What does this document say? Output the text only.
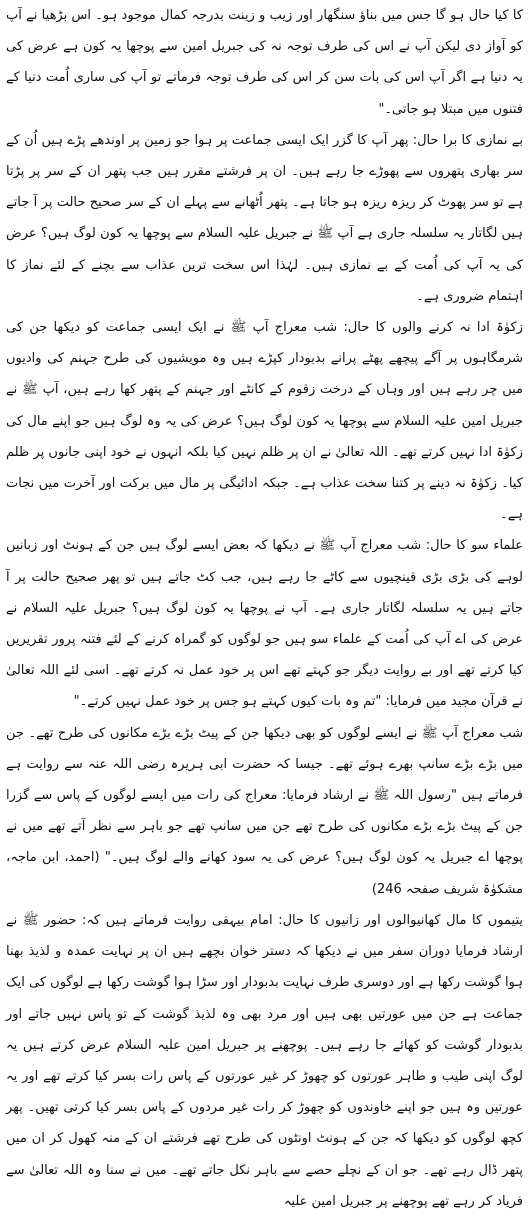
کا کیا حال ہو گا جس میں بناؤ سنگھار اور زیب و زینت بدرجہ کمال موجود ہو۔ اس بڑھیا نے آپ کو آواز دی لیکن آپ نے اس کی طرف توجہ نہ کی جبریل امین سے پوچھا یہ کون ہے عرض کی یہ دنیا ہے اگر آپ اس کی بات سن کر اس کی طرف توجہ فرماتے تو آپ کی ساری اُمت دنیا کے فتنوں میں مبتلا ہو جاتی۔"

بے نمازی کا برا حال: پھر آپ کا گزر ایک ایسی جماعت پر ہوا جو زمین پر اوندھے پڑے ہیں اُن کے سر بھاری پتھروں سے پھوڑے جا رہے ہیں۔ ان پر فرشتے مقرر ہیں جب پتھر ان کے سر پر پڑتا ہے تو سر پھوٹ کر ریزہ ریزہ ہو جاتا ہے۔ پتھر اُٹھانے سے پہلے ان کے سر صحیح حالت پر آ جاتے ہیں لگاتار یہ سلسلہ جاری ہے آپ ﷺ نے جبریل علیہ السلام سے پوچھا یہ کون لوگ ہیں؟ عرض کی یہ آپ کی اُمت کے بے نمازی ہیں۔ لہٰذا اس سخت ترین عذاب سے بچنے کے لئے نماز کا اہتمام ضروری ہے۔

زکوٰۃ ادا نہ کرنے والوں کا حال: شب معراج آپ ﷺ نے ایک ایسی جماعت کو دیکھا جن کی شرمگاہوں پر آگے پیچھے پھٹے پرانے بدبودار کپڑے ہیں وہ مویشیوں کی طرح جہنم کی وادیوں میں چر رہے ہیں اور وہاں کے درخت زقوم کے کانٹے اور جہنم کے پتھر کھا رہے ہیں، آپ ﷺ نے جبریل امین علیہ السلام سے پوچھا یہ کون لوگ ہیں؟ عرض کی یہ وہ لوگ ہیں جو اپنے مال کی زکوٰۃ ادا نہیں کرتے تھے۔ اللہ تعالیٰ نے ان پر ظلم نہیں کیا بلکہ انہوں نے خود اپنی جانوں پر ظلم کیا۔ زکوٰۃ نہ دینے پر کتنا سخت عذاب ہے۔ جبکہ ادائیگی پر مال میں برکت اور آخرت میں نجات ہے۔

علماء سو کا حال: شب معراج آپ ﷺ نے دیکھا کہ بعض ایسے لوگ ہیں جن کے ہونٹ اور زبانیں لوہے کی بڑی بڑی قینچیوں سے کاٹے جا رہے ہیں، جب کٹ جاتے ہیں تو پھر صحیح حالت پر آ جاتے ہیں یہ سلسلہ لگاتار جاری ہے۔ آپ نے پوچھا یہ کون لوگ ہیں؟ جبریل علیہ السلام نے عرض کی اے آپ کی اُمت کے علماء سو ہیں جو لوگوں کو گمراہ کرنے کے لئے فتنہ پرور تقریریں کیا کرتے تھے اور بے روایت دیگر جو کہتے تھے اس پر خود عمل نہ کرتے تھے۔ اسی لئے اللہ تعالیٰ نے قرآن مجید میں فرمایا: "تم وہ بات کیوں کہتے ہو جس پر خود عمل نہیں کرتے۔"

شب معراج آپ ﷺ نے ایسے لوگوں کو بھی دیکھا جن کے پیٹ بڑے بڑے مکانوں کی طرح تھے۔ جن میں بڑے بڑے سانپ بھرے ہوئے تھے۔ جیسا کہ حضرت ابی ہریرہ رضی اللہ عنہ سے روایت ہے فرماتے ہیں "رسول اللہ ﷺ نے ارشاد فرمایا: معراج کی رات میں ایسے لوگوں کے پاس سے گزرا جن کے پیٹ بڑے بڑے مکانوں کی طرح تھے جن میں سانپ تھے جو باہر سے نظر آتے تھے میں نے پوچھا اے جبریل یہ کون لوگ ہیں؟ عرض کی یہ سود کھانے والے لوگ ہیں۔" (احمد، ابن ماجہ، مشکوٰۃ شریف صفحہ 246)

یتیموں کا مال کھانیوالوں اور زانیوں کا حال: امام بیہقی روایت فرماتے ہیں کہ: حضور ﷺ نے ارشاد فرمایا دوران سفر میں نے دیکھا کہ دستر خوان بچھے ہیں ان پر نہایت عمدہ و لذیذ بھنا ہوا گوشت رکھا ہے اور دوسری طرف نہایت بدبودار اور سڑا ہوا گوشت رکھا ہے لوگوں کی ایک جماعت ہے جن میں عورتیں بھی ہیں اور مرد بھی وہ لذیذ گوشت کے تو پاس نہیں جاتے اور بدبودار گوشت کو کھائے جا رہے ہیں۔ پوچھنے پر جبریل امین علیہ السلام عرض کرتے ہیں یہ لوگ اپنی طیب و طاہر عورتوں کو چھوڑ کر غیر عورتوں کے پاس رات بسر کیا کرتے تھے اور یہ عورتیں وہ ہیں جو اپنے خاوندوں کو چھوڑ کر رات غیر مردوں کے پاس بسر کیا کرتی تھیں۔ پھر کچھ لوگوں کو دیکھا کہ جن کے ہونٹ اونٹوں کی طرح تھے فرشتے ان کے منہ کھول کر ان میں پتھر ڈال رہے تھے۔ جو ان کے نچلے حصے سے باہر نکل جاتے تھے۔ میں نے سنا وہ اللہ تعالیٰ سے فریاد کر رہے تھے پوچھنے پر جبریل امین علیہ
